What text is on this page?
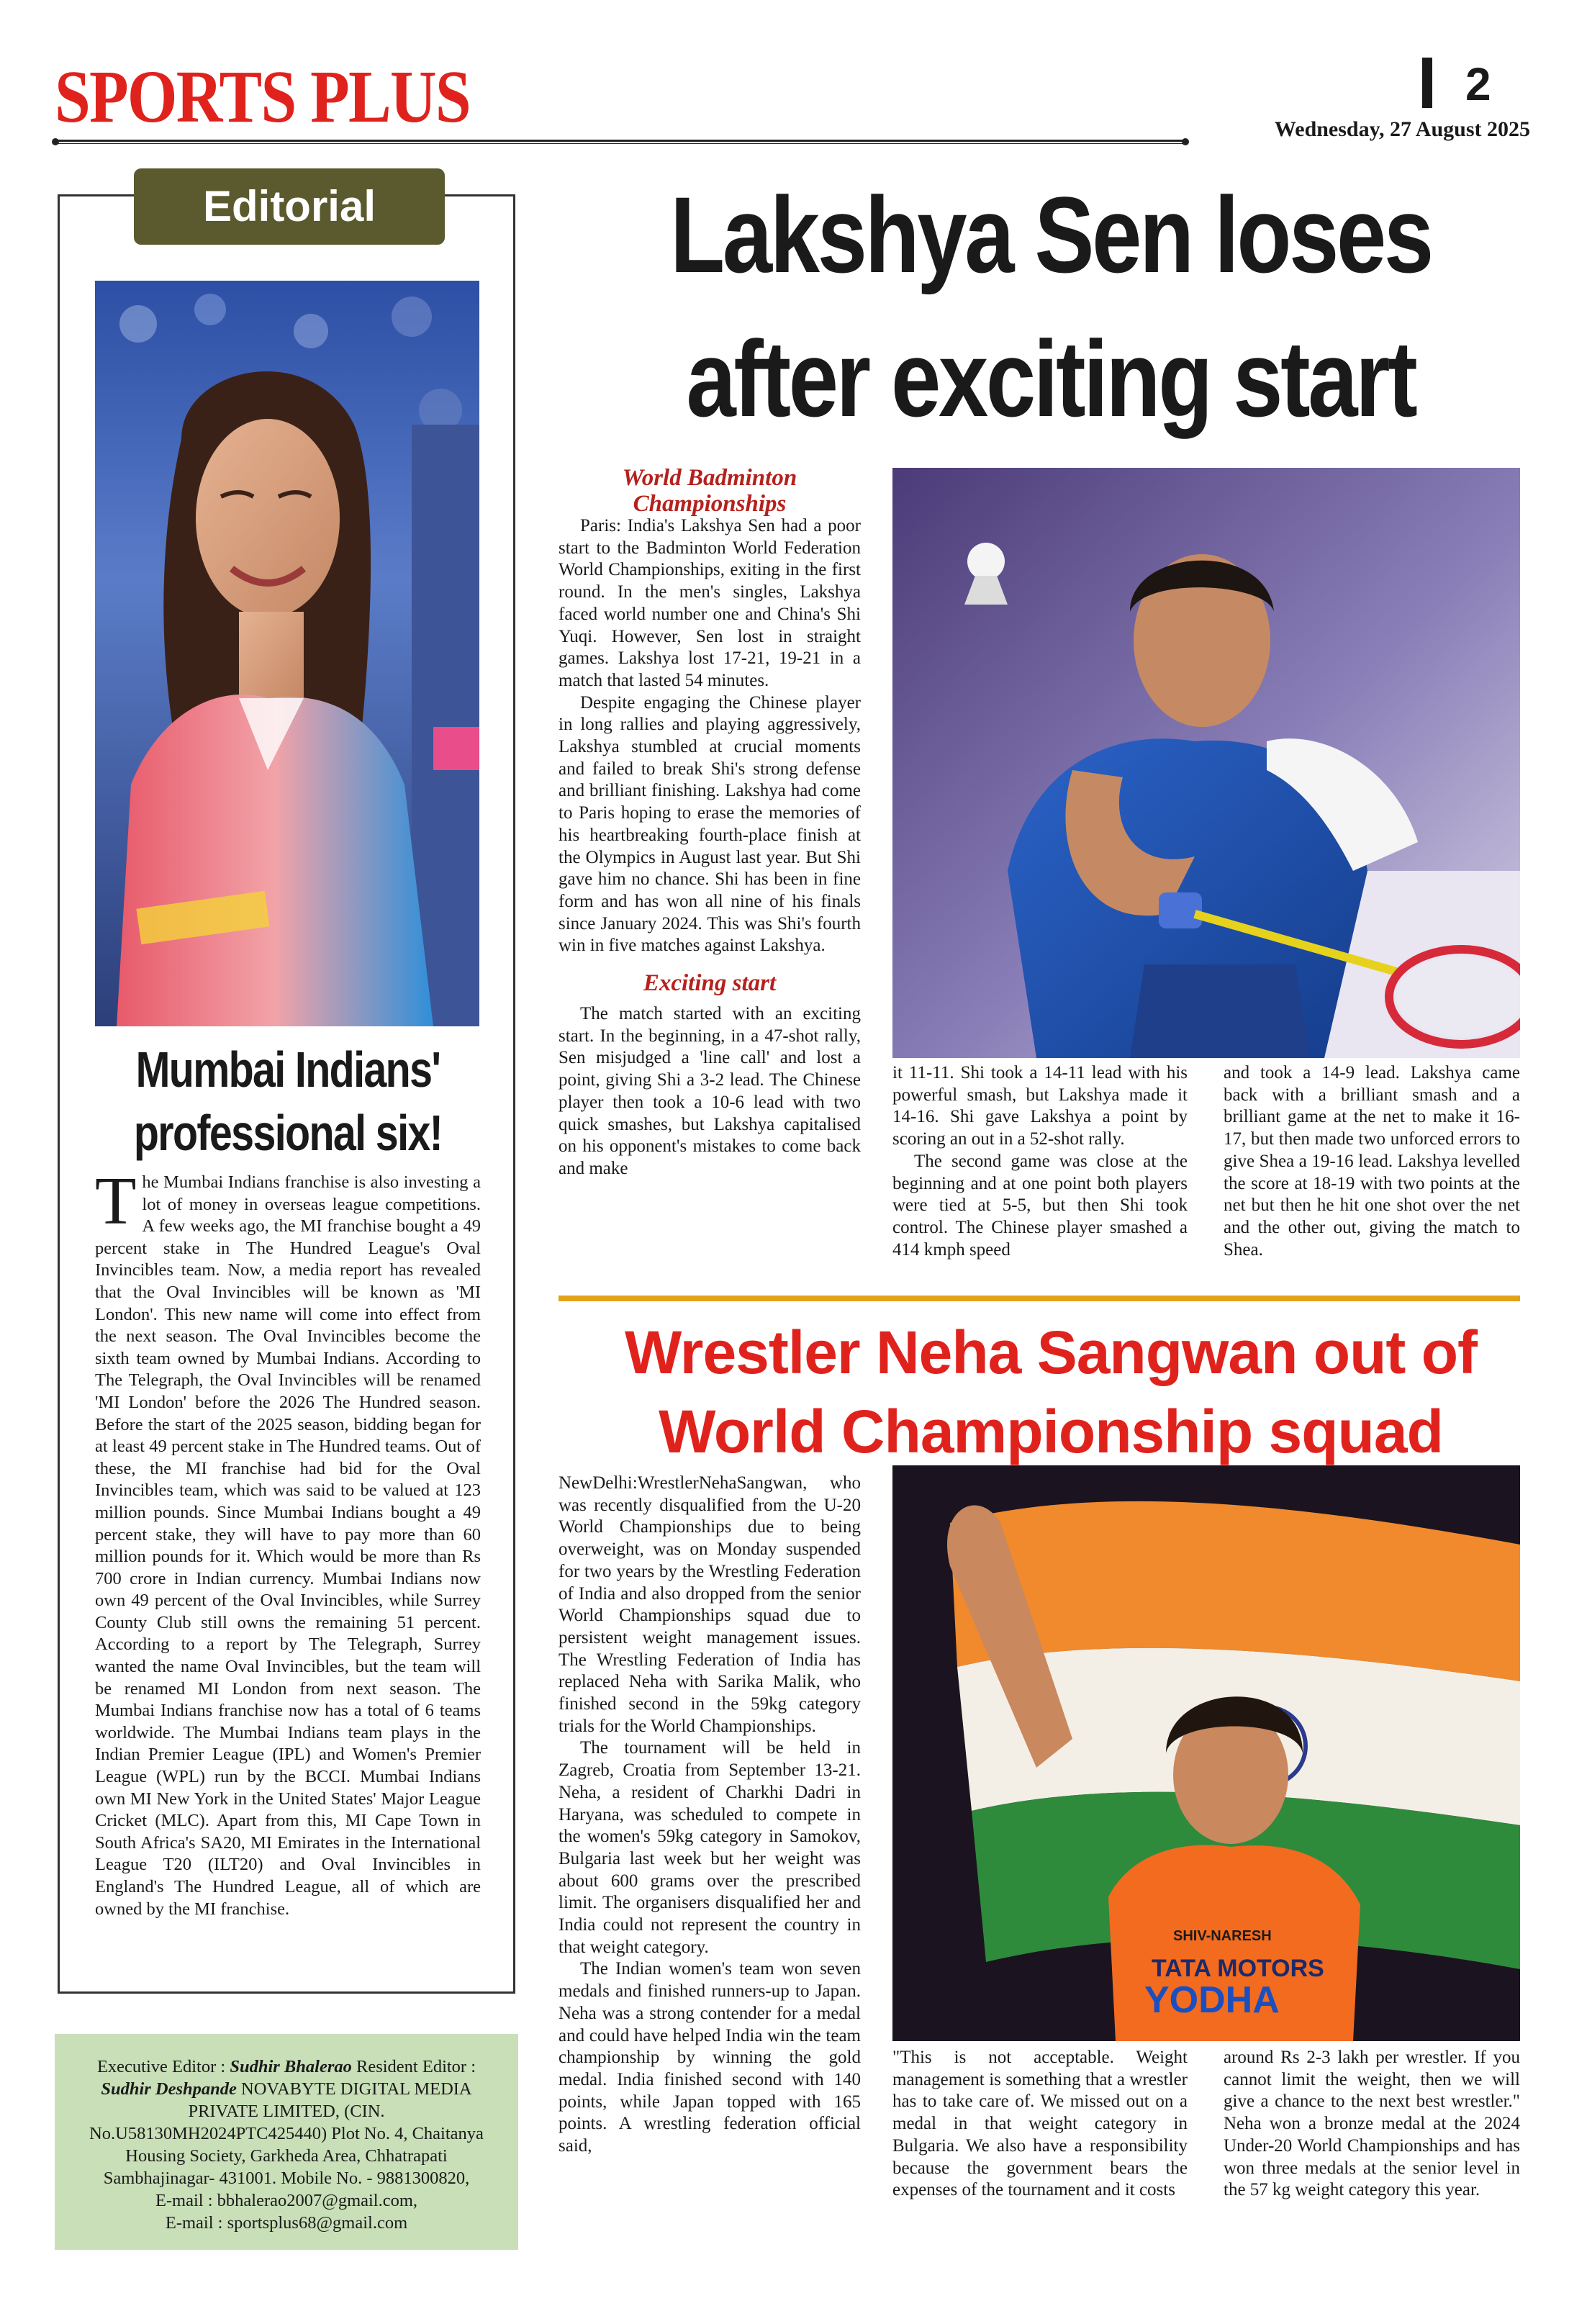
SPORTS PLUS	2
Wednesday, 27 August 2025
Editorial
Mumbai Indians'
professional six!
The Mumbai Indians franchise is also investing a lot of money in overseas league competitions. A few weeks ago, the MI franchise bought a 49 percent stake in The Hundred League's Oval Invincibles team. Now, a media report has revealed that the Oval Invincibles will be known as 'MI London'. This new name will come into effect from the next season. The Oval Invincibles become the sixth team owned by Mumbai Indians. According to The Telegraph, the Oval Invincibles will be renamed 'MI London' before the 2026 The Hundred season. Before the start of the 2025 season, bidding began for at least 49 percent stake in The Hundred teams. Out of these, the MI franchise had bid for the Oval Invincibles team, which was said to be valued at 123 million pounds. Since Mumbai Indians bought a 49 percent stake, they will have to pay more than 60 million pounds for it. Which would be more than Rs 700 crore in Indian currency. Mumbai Indians now own 49 percent of the Oval Invincibles, while Surrey County Club still owns the remaining 51 percent. According to a report by The Telegraph, Surrey wanted the name Oval Invincibles, but the team will be renamed MI London from next season. The Mumbai Indians franchise now has a total of 6 teams worldwide. The Mumbai Indians team plays in the Indian Premier League (IPL) and Women's Premier League (WPL) run by the BCCI. Mumbai Indians own MI New York in the United States' Major League Cricket (MLC). Apart from this, MI Cape Town in South Africa's SA20, MI Emirates in the International League T20 (ILT20) and Oval Invincibles in England's The Hundred League, all of which are owned by the MI franchise.
Executive Editor : Sudhir Bhalerao Resident Editor : Sudhir Deshpande NOVABYTE DIGITAL MEDIA PRIVATE LIMITED, (CIN. No.U58130MH2024PTC425440) Plot No. 4, Chaitanya Housing Society, Garkheda Area, Chhatrapati Sambhajinagar- 431001. Mobile No. - 9881300820,
E-mail : bbhalerao2007@gmail.com,
E-mail : sportsplus68@gmail.com
Lakshya Sen loses
after exciting start
World Badminton Championships

Paris: India's Lakshya Sen had a poor start to the Badminton World Federation World Championships, exiting in the first round. In the men's singles, Lakshya faced world number one and China's Shi Yuqi. However, Sen lost in straight games. Lakshya lost 17-21, 19-21 in a match that lasted 54 minutes.

Despite engaging the Chinese player in long rallies and playing aggressively, Lakshya stumbled at crucial moments and failed to break Shi's strong defense and brilliant finishing. Lakshya had come to Paris hoping to erase the memories of his heartbreaking fourth-place finish at the Olympics in August last year. But Shi gave him no chance. Shi has been in fine form and has won all nine of his finals since January 2024. This was Shi's fourth win in five matches against Lakshya.

Exciting start

The match started with an exciting start. In the beginning, in a 47-shot rally, Sen misjudged a 'line call' and lost a point, giving Shi a 3-2 lead. The Chinese player then took a 10-6 lead with two quick smashes, but Lakshya capitalised on his opponent's mistakes to come back and make

it 11-11. Shi took a 14-11 lead with his powerful smash, but Lakshya made it 14-16. Shi gave Lakshya a point by scoring an out in a 52-shot rally.

The second game was close at the beginning and at one point both players were tied at 5-5, but then Shi took control. The Chinese player smashed a 414 kmph speed

and took a 14-9 lead. Lakshya came back with a brilliant smash and a brilliant game at the net to make it 16-17, but then made two unforced errors to give Shea a 19-16 lead. Lakshya levelled the score at 18-19 with two points at the net but then he hit one shot over the net and the other out, giving the match to Shea.

Wrestler Neha Sangwan out of
World Championship squad

NewDelhi:WrestlerNehaSangwan, who was recently disqualified from the U-20 World Championships due to being overweight, was on Monday suspended for two years by the Wrestling Federation of India and also dropped from the senior World Championships squad due to persistent weight management issues. The Wrestling Federation of India has replaced Neha with Sarika Malik, who finished second in the 59kg category trials for the World Championships.

The tournament will be held in Zagreb, Croatia from September 13-21. Neha, a resident of Charkhi Dadri in Haryana, was scheduled to compete in the women's 59kg category in Samokov, Bulgaria last week but her weight was about 600 grams over the prescribed limit. The organisers disqualified her and India could not represent the country in that weight category.

The Indian women's team won seven medals and finished runners-up to Japan. Neha was a strong contender for a medal and could have helped India win the team championship by winning the gold medal. India finished second with 140 points, while Japan topped with 165 points. A wrestling federation official said,

SHIV-NARESH
TATA MOTORS
YODHA

"This is not acceptable. Weight management is something that a wrestler has to take care of. We missed out on a medal in that weight category in Bulgaria. We also have a responsibility because the government bears the expenses of the tournament and it costs

around Rs 2-3 lakh per wrestler. If you cannot limit the weight, then we will give a chance to the next best wrestler." Neha won a bronze medal at the 2024 Under-20 World Championships and has won three medals at the senior level in the 57 kg weight category this year.
